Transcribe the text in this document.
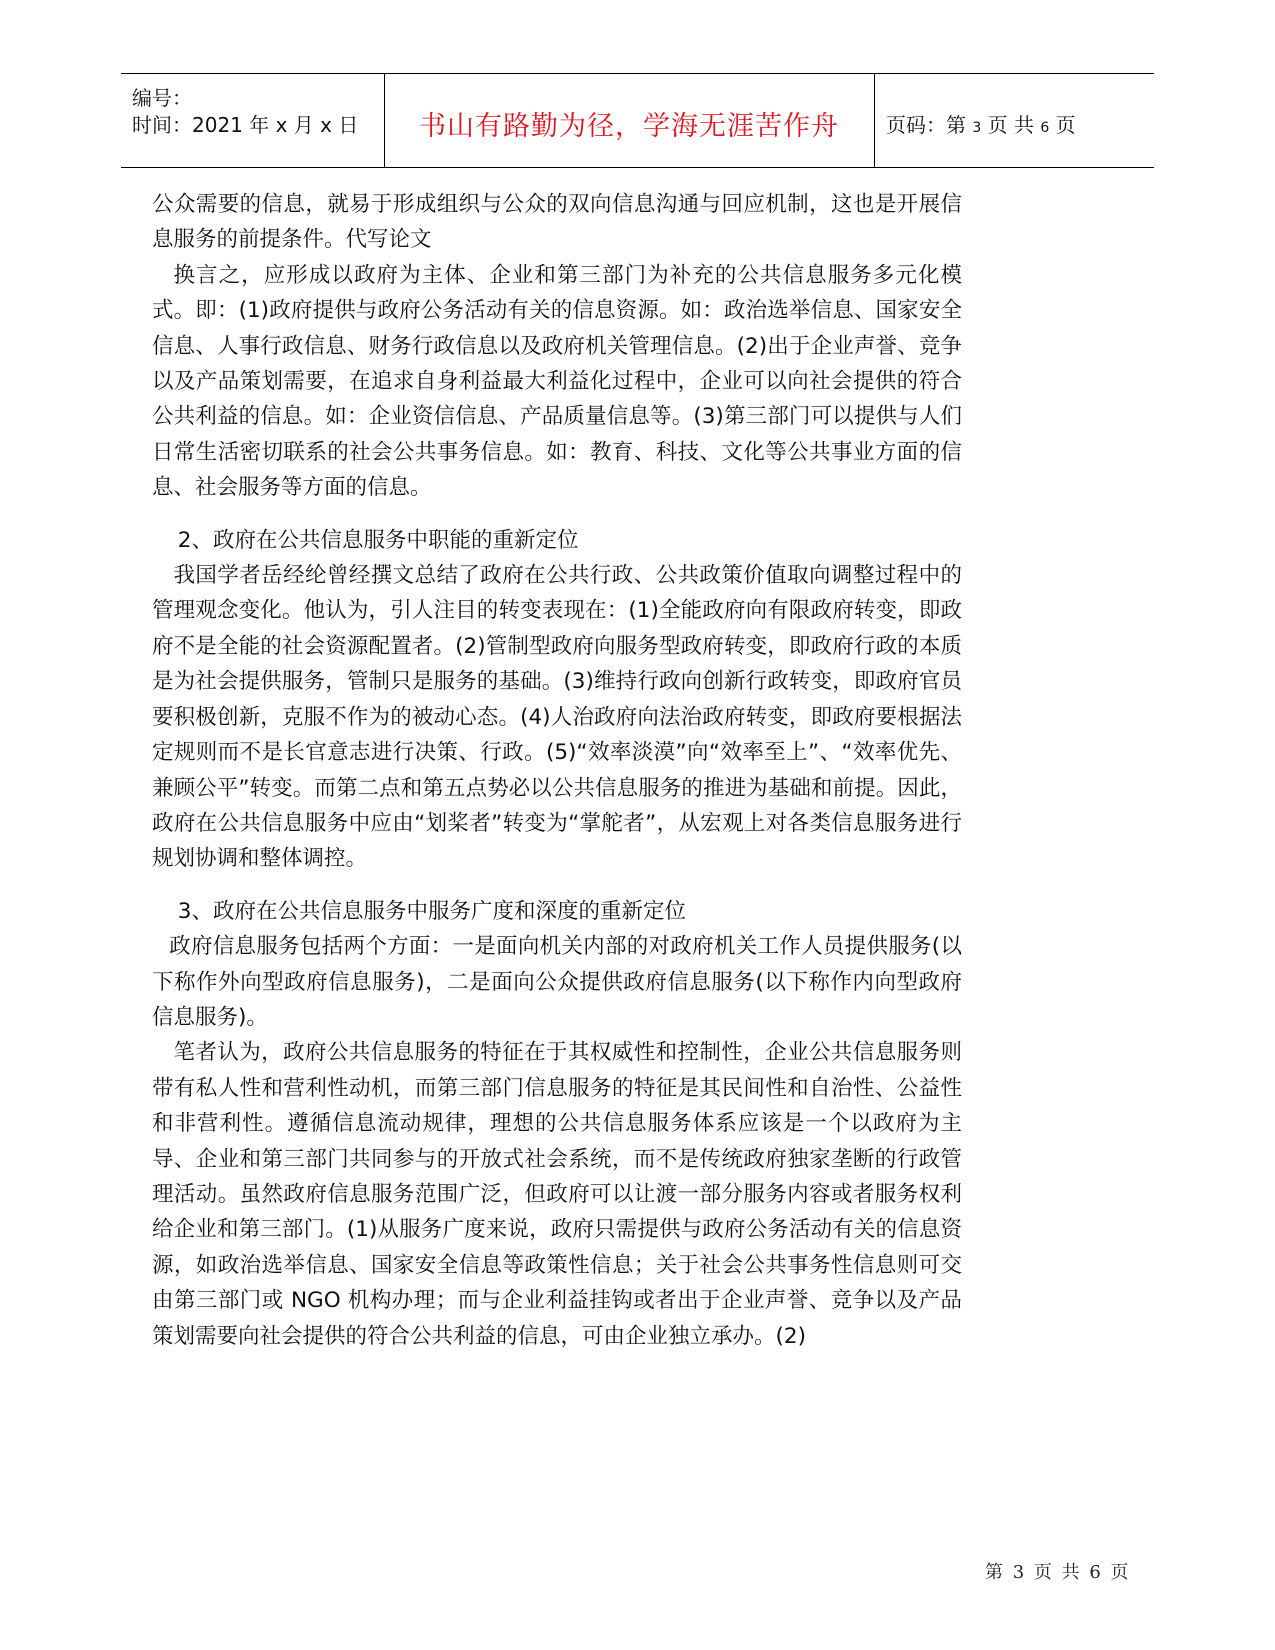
编号：
时间：2021 年 x 月 x 日	书山有路勤为径，学海无涯苦作舟	页码：第 3 页 共 6 页

公众需要的信息，就易于形成组织与公众的双向信息沟通与回应机制，这也是开展信息服务的前提条件。代写论文

换言之，应形成以政府为主体、企业和第三部门为补充的公共信息服务多元化模式。即：(1)政府提供与政府公务活动有关的信息资源。如：政治选举信息、国家安全信息、人事行政信息、财务行政信息以及政府机关管理信息。(2)出于企业声誉、竞争以及产品策划需要，在追求自身利益最大利益化过程中，企业可以向社会提供的符合公共利益的信息。如：企业资信信息、产品质量信息等。(3)第三部门可以提供与人们日常生活密切联系的社会公共事务信息。如：教育、科技、文化等公共事业方面的信息、社会服务等方面的信息。

2、政府在公共信息服务中职能的重新定位

我国学者岳经纶曾经撰文总结了政府在公共行政、公共政策价值取向调整过程中的管理观念变化。他认为，引人注目的转变表现在：(1)全能政府向有限政府转变，即政府不是全能的社会资源配置者。(2)管制型政府向服务型政府转变，即政府行政的本质是为社会提供服务，管制只是服务的基础。(3)维持行政向创新行政转变，即政府官员要积极创新，克服不作为的被动心态。(4)人治政府向法治政府转变，即政府要根据法定规则而不是长官意志进行决策、行政。(5)“效率淡漠”向“效率至上”、“效率优先、兼顾公平”转变。而第二点和第五点势必以公共信息服务的推进为基础和前提。因此，政府在公共信息服务中应由“划桨者”转变为“掌舵者”，从宏观上对各类信息服务进行规划协调和整体调控。

3、政府在公共信息服务中服务广度和深度的重新定位

政府信息服务包括两个方面：一是面向机关内部的对政府机关工作人员提供服务(以下称作外向型政府信息服务)，二是面向公众提供政府信息服务(以下称作内向型政府信息服务)。

笔者认为，政府公共信息服务的特征在于其权威性和控制性，企业公共信息服务则带有私人性和营利性动机，而第三部门信息服务的特征是其民间性和自治性、公益性和非营利性。遵循信息流动规律，理想的公共信息服务体系应该是一个以政府为主导、企业和第三部门共同参与的开放式社会系统，而不是传统政府独家垄断的行政管理活动。虽然政府信息服务范围广泛，但政府可以让渡一部分服务内容或者服务权利给企业和第三部门。(1)从服务广度来说，政府只需提供与政府公务活动有关的信息资源，如政治选举信息、国家安全信息等政策性信息；关于社会公共事务性信息则可交由第三部门或 NGO 机构办理；而与企业利益挂钩或者出于企业声誉、竞争以及产品策划需要向社会提供的符合公共利益的信息，可由企业独立承办。(2)

第 3 页 共 6 页
